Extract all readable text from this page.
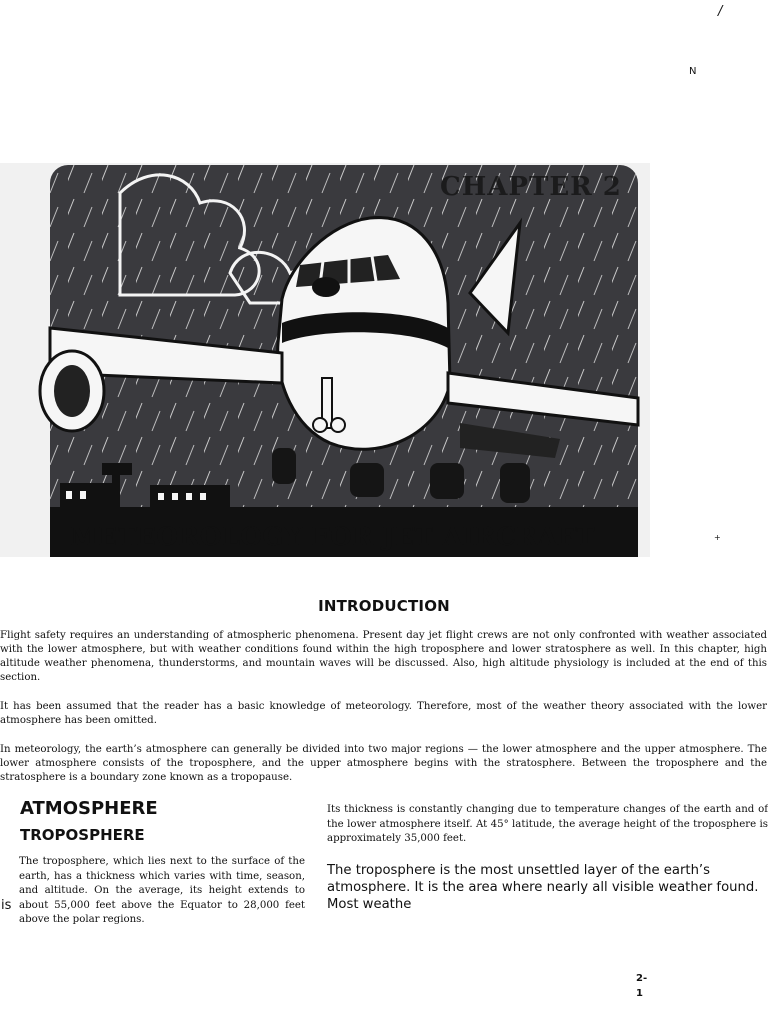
/
N
CHAPTER 2
METEOROLOGY FOR JET AIRCRAFT	+
INTRODUCTION
Flight safety requires an understanding of atmospheric phenomena. Present day jet flight crews are not only confronted with weather associated with the lower atmosphere, but with weather conditions found within the high troposphere and lower stratosphere as well. In this chapter, high altitude weather phenomena, thunderstorms, and mountain waves will be discussed. Also, high altitude physiology is included at the end of this section.
It has been assumed that the reader has a basic knowledge of meteorology. Therefore, most of the weather theory associated with the lower atmosphere has been omitted.
In meteorology, the earth’s atmosphere can generally be divided into two major regions — the lower atmosphere and the upper atmosphere. The lower atmosphere consists of the troposphere, and the upper atmosphere begins with the stratosphere. Between the troposphere and the stratosphere is a boundary zone known as a tropopause.
ATMOSPHERE
TROPOSPHERE
The troposphere, which lies next to the surface of the earth, has a thickness which varies with time, season, and altitude. On the average, its height extends to about 55,000 feet above the Equator to 28,000 feet above the polar regions.
is
Its thickness is constantly changing due to temperature changes of the earth and of the lower atmosphere itself. At 45° latitude, the average height of the troposphere is approximately 35,000 feet.
The troposphere is the most unsettled layer of the earth’s atmosphere. It is the area where nearly all visible weather found. Most weathe
2-
1
